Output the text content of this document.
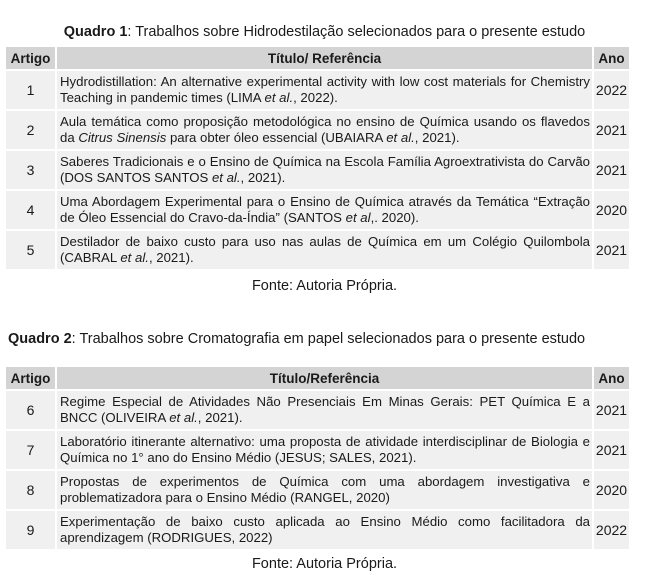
Quadro 1: Trabalhos sobre Hidrodestilação selecionados para o presente estudo
Artigo	Título/ Referência	Ano
1	Hydrodistillation: An alternative experimental activity with low cost materials for Chemistry Teaching in pandemic times (LIMA et al., 2022).	2022
2	Aula temática como proposição metodológica no ensino de Química usando os flavedos da Citrus Sinensis para obter óleo essencial (UBAIARA et al., 2021).	2021
3	Saberes Tradicionais e o Ensino de Química na Escola Família Agroextrativista do Carvão (DOS SANTOS SANTOS et al., 2021).	2021
4	Uma Abordagem Experimental para o Ensino de Química através da Temática “Extração de Óleo Essencial do Cravo-da-Índia” (SANTOS et al,. 2020).	2020
5	Destilador de baixo custo para uso nas aulas de Química em um Colégio Quilombola (CABRAL et al., 2021).	2021
Fonte: Autoria Própria.
Quadro 2: Trabalhos sobre Cromatografia em papel selecionados para o presente estudo
Artigo	Título/Referência	Ano
6	Regime Especial de Atividades Não Presenciais Em Minas Gerais: PET Química E a BNCC (OLIVEIRA et al., 2021).	2021
7	Laboratório itinerante alternativo: uma proposta de atividade interdisciplinar de Biologia e Química no 1° ano do Ensino Médio (JESUS; SALES, 2021).	2021
8	Propostas de experimentos de Química com uma abordagem investigativa e problematizadora para o Ensino Médio (RANGEL, 2020)	2020
9	Experimentação de baixo custo aplicada ao Ensino Médio como facilitadora da aprendizagem (RODRIGUES, 2022)	2022
Fonte: Autoria Própria.
